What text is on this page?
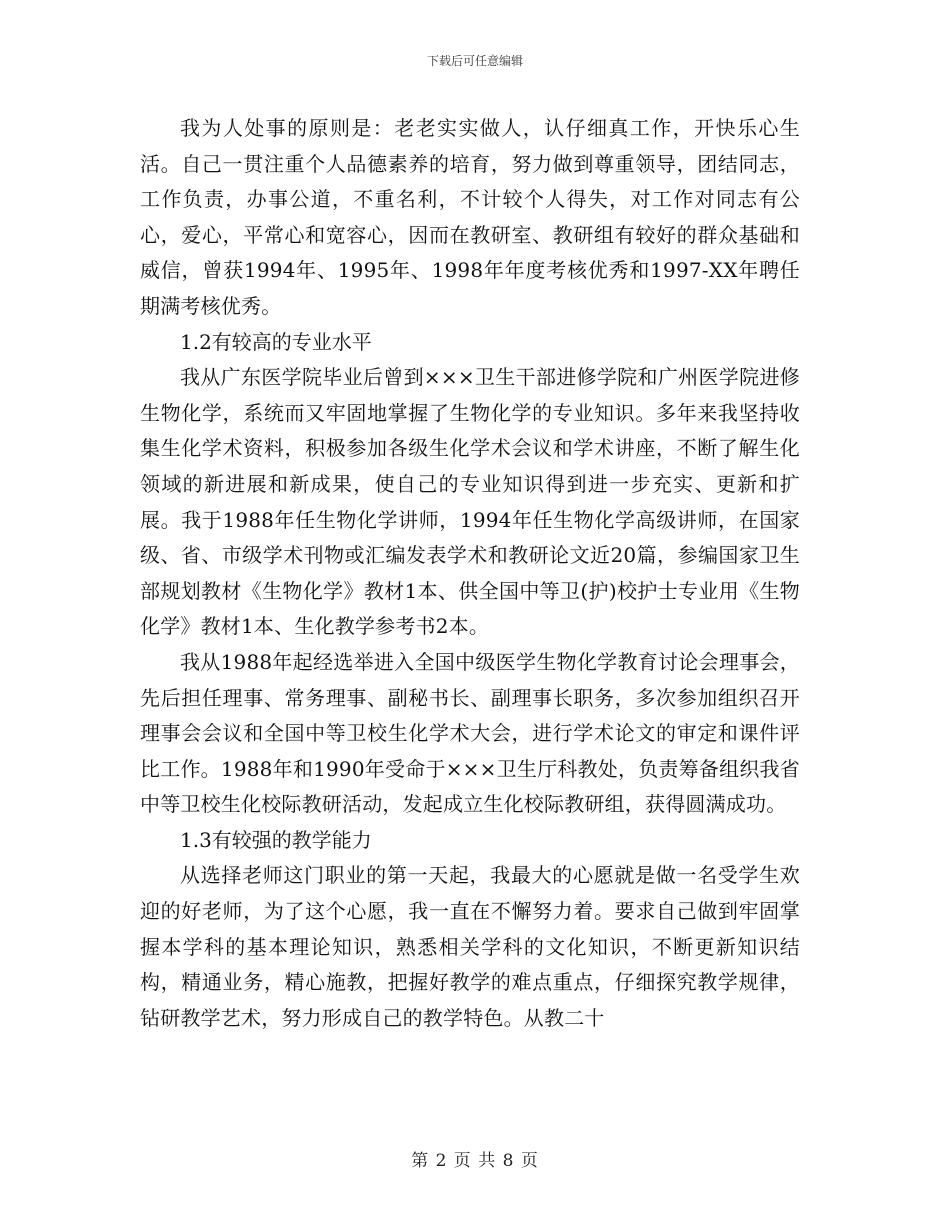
下载后可任意编辑

我为人处事的原则是：老老实实做人，认仔细真工作，开快乐心生活。自己一贯注重个人品德素养的培育，努力做到尊重领导，团结同志，工作负责，办事公道，不重名利，不计较个人得失，对工作对同志有公心，爱心，平常心和宽容心，因而在教研室、教研组有较好的群众基础和威信，曾获1994年、1995年、1998年年度考核优秀和1997-XX年聘任期满考核优秀。

1.2有较高的专业水平

我从广东医学院毕业后曾到×××卫生干部进修学院和广州医学院进修生物化学，系统而又牢固地掌握了生物化学的专业知识。多年来我坚持收集生化学术资料，积极参加各级生化学术会议和学术讲座，不断了解生化领域的新进展和新成果，使自己的专业知识得到进一步充实、更新和扩展。我于1988年任生物化学讲师，1994年任生物化学高级讲师，在国家级、省、市级学术刊物或汇编发表学术和教研论文近20篇，参编国家卫生部规划教材《生物化学》教材1本、供全国中等卫(护)校护士专业用《生物化学》教材1本、生化教学参考书2本。

我从1988年起经选举进入全国中级医学生物化学教育讨论会理事会，先后担任理事、常务理事、副秘书长、副理事长职务，多次参加组织召开理事会会议和全国中等卫校生化学术大会，进行学术论文的审定和课件评比工作。1988年和1990年受命于×××卫生厅科教处，负责筹备组织我省中等卫校生化校际教研活动，发起成立生化校际教研组，获得圆满成功。

1.3有较强的教学能力

从选择老师这门职业的第一天起，我最大的心愿就是做一名受学生欢迎的好老师，为了这个心愿，我一直在不懈努力着。要求自己做到牢固掌握本学科的基本理论知识，熟悉相关学科的文化知识，不断更新知识结构，精通业务，精心施教，把握好教学的难点重点，仔细探究教学规律，钻研教学艺术，努力形成自己的教学特色。从教二十

第 2 页 共 8 页
